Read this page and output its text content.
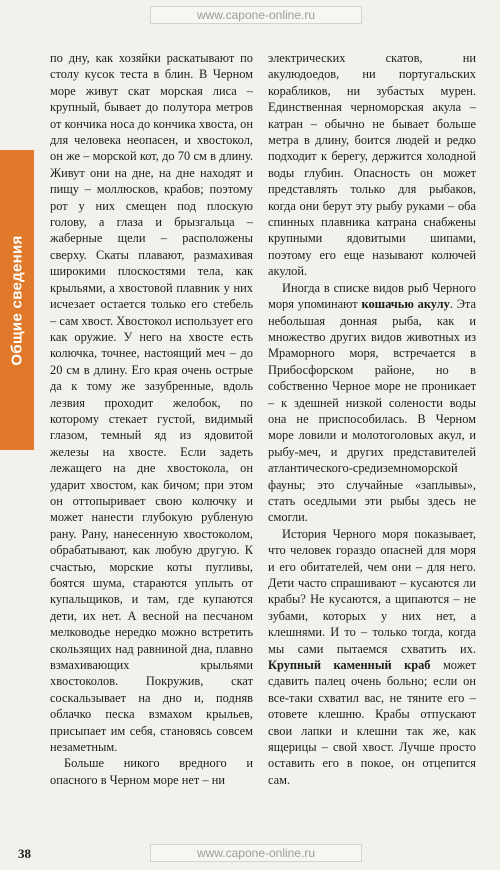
www.capone-online.ru
Общие сведения

по дну, как хозяйки раскатывают по столу кусок теста в блин. В Черном море живут скат морская лиса – крупный, бывает до полутора метров от кончика носа до кончика хвоста, он для человека неопасен, и хвостокол, он же – морской кот, до 70 см в длину. Живут они на дне, на дне находят и пищу – моллюсков, крабов; поэтому рот у них смещен под плоскую голову, а глаза и брызгальца – жаберные щели – расположены сверху. Скаты плавают, размахивая широкими плоскостями тела, как крыльями, а хвостовой плавник у них исчезает остается только его стебель – сам хвост. Хвостокол использует его как оружие. У него на хвосте есть колючка, точнее, настоящий меч – до 20 см в длину. Его края очень острые да к тому же зазубренные, вдоль лезвия проходит желобок, по которому стекает густой, видимый глазом, темный яд из ядовитой железы на хвосте. Если задеть лежащего на дне хвостокола, он ударит хвостом, как бичом; при этом он оттопыривает свою колючку и может нанести глубокую рубленую рану. Рану, нанесенную хвостоколом, обрабатывают, как любую другую. К счастью, морские коты пугливы, боятся шума, стараются уплыть от купальщиков, и там, где купаются дети, их нет. А весной на песчаном мелководье нередко можно встретить скользящих над равниной дна, плавно взмахивающих крыльями хвостоколов. Покружив, скат соскальзывает на дно и, подняв облачко песка взмахом крыльев, присыпает им себя, становясь совсем незаметным.

Больше никого вредного и опасного в Черном море нет – ни

электрических скатов, ни акулюдоедов, ни португальских корабликов, ни зубастых мурен. Единственная черноморская акула – катран – обычно не бывает больше метра в длину, боится людей и редко подходит к берегу, держится холодной воды глубин. Опасность он может представлять только для рыбаков, когда они берут эту рыбу руками – оба спинных плавника катрана снабжены крупными ядовитыми шипами, поэтому его еще называют колючей акулой.

Иногда в списке видов рыб Черного моря упоминают кошачью акулу. Эта небольшая донная рыба, как и множество других видов животных из Мраморного моря, встречается в Прибосфорском районе, но в собственно Черное море не проникает – к здешней низкой солености воды она не приспособилась. В Черном море ловили и молотоголовых акул, и рыбу-меч, и других представителей атлантического-средиземноморской фауны; это случайные «заплывы», стать оседлыми эти рыбы здесь не смогли.

История Черного моря показывает, что человек гораздо опасней для моря и его обитателей, чем они – для него. Дети часто спрашивают – кусаются ли крабы? Не кусаются, а щипаются – не зубами, которых у них нет, а клешнями. И то – только тогда, когда мы сами пытаемся схватить их. Крупный каменный краб может сдавить палец очень больно; если он все-таки схватил вас, не тяните его – отовете клешню. Крабы отпускают свои лапки и клешни так же, как ящерицы – свой хвост. Лучше просто оставить его в покое, он отцепится сам.

38	www.capone-online.ru
